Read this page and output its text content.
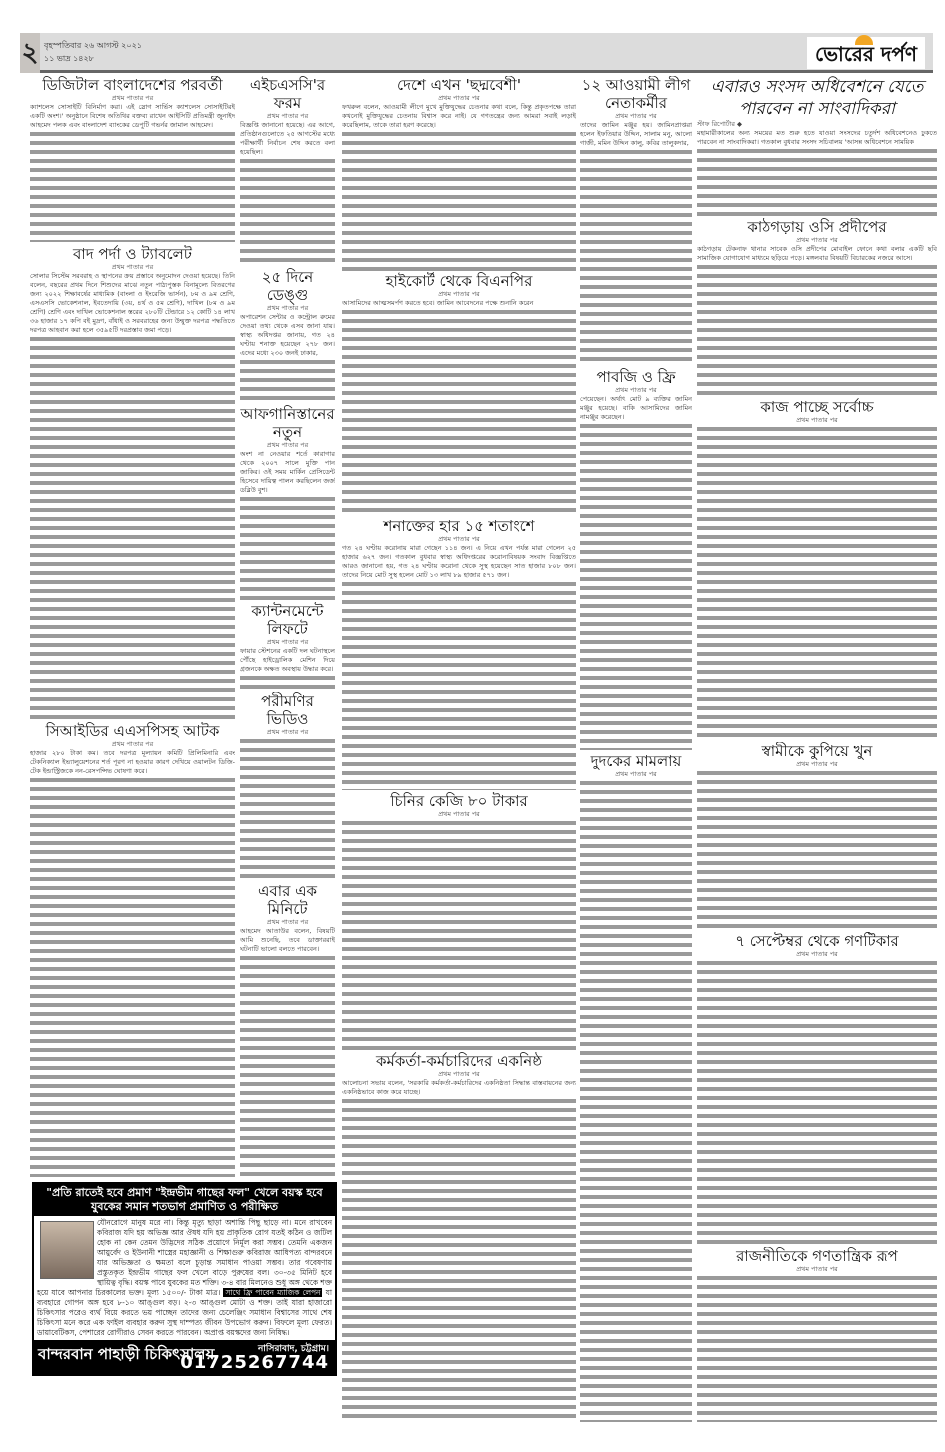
২ বৃহস্পতিবার ২৬ আগস্ট ২০২১
১১ ভাদ্র ১৪২৮	ভোরের দর্পণ
ডিজিটাল বাংলাদেশের পরবর্তী
প্রথম পাতার পর

ক্যাশলেস সোসাইটি বিনির্মাণ করা। এই স্লোগ সার্ভিস ক্যাশলেস সোসাইটিরই একটি অংশ।' অনুষ্ঠানে বিশেষ অতিথির বক্তব্য রাখেন আইসিটি প্রতিমন্ত্রী জুনাইদ আহমেদ পলক এবং বাংলাদেশ ব্যাংকের ডেপুটি গভর্নর জামাল আহমেদ।

এইচএসসি'র ফরম
প্রথম পাতার পর

বিজ্ঞপ্তি জানানো হয়েছে। এর আগে, প্রতিষ্ঠানগুলোতে ২৫ আগস্টের মধ্যে পরীক্ষার্থী নির্বাচন শেষ করতে বলা হয়েছিল।

দেশে এখন 'ছদ্মবেশী'
প্রথম পাতার পর

ফখরুল বলেন, আওয়ামী লীগে মুখে মুক্তিযুদ্ধের চেতনার কথা বলে, কিন্তু প্রকৃতপক্ষে তারা কখনোই মুক্তিযুদ্ধের চেতনায় বিশ্বাস করে নাই। যে গণতন্ত্রের জন্য আমরা সবাই লড়াই করেছিলাম, তাকে তারা হরণ করেছে।

১২ আওয়ামী লীগ নেতাকর্মীর
প্রথম পাতার পর

তাদের জামিন মঞ্জুর হয়। জামিনপ্রাপ্তরা হলেন ইফতিয়ার উদ্দিন, সালাম মনু, আলো গাজী, মমিন উদ্দিন কালু, কবির তালুকদার,

এবারও সংসদ অধিবেশনে যেতে পারবেন না সাংবাদিকরা
স্টাফ রিপোর্টার ◆

মহামারীকালের অন্য সময়ের মত শুরু হতে যাওয়া সংসদের চতুর্দশ অধিবেশনেও ঢুকতে পারবেন না সাংবাদিকরা। গতকাল বুধবার সংসদ সচিবালয় 'আসন্ন অধিবেশনে সাময়িক

বাদ পর্দা ও ট্যাবলেট
প্রথম পাতার পর

সোলার সিস্টেম সরবরাহ ও স্থাপনের ক্রয় প্রস্তাবে অনুমোদন দেওয়া হয়েছে। তিনি বলেন, বছরের প্রথম দিনে শিশুদের মাঝে নতুন পাঠ্যপুস্তক বিনামূল্যে বিতরণের জন্য ২০২২ শিক্ষাবর্ষের মাধ্যমিক (বাংলা ও ইংরেজি ভার্সন), ৮ম ও ৯ম শ্রেণি, এসএসসি ভোকেশনাল, ইবতেদায়ি (৩য়, ৪র্থ ও ৫ম শ্রেণি), দাখিল (৮ম ও ৯ম শ্রেণি) শ্রেণি এবং দাখিল ভোকেশনাল স্তরের ২৮০টি টেন্ডারে ১২ কোটি ১৪ লাখ ৩৬ হাজার ১৭ কপি বই মুদ্রণ, বাঁধাই ও সরবরাহের জন্য উন্মুক্ত দরপত্র পদ্ধতিতে দরপত্র আহবান করা হলে ৩৫৯৫টি দরপ্রস্তাব জমা পড়ে।

২৫ দিনে ডেঙ্গু
প্রথম পাতার পর

অপারেশন সেন্টার ও কন্ট্রোল রুমের দেওয়া তথ্য থেকে এসব জানা যায়। স্বাস্থ্য অধিদপ্তর জানায়, গত ২৪ ঘণ্টায় শনাক্ত হয়েছেন ২৭৮ জন। এদের মধ্যে ২৩০ জনই ঢাকার,

হাইকোর্ট থেকে বিএনপির
প্রথম পাতার পর

আসামিদের আত্মসমর্পণ করতে হবে। জামিন আবেদনের পক্ষে শুনানি করেন

পাবজি ও ফ্রি
প্রথম পাতার পর

পেয়েছেন। অর্থাৎ মোট ৯ ব্যক্তির জামিন মঞ্জুর হয়েছে। বাকি আসামিদের জামিন নামঞ্জুর করেছেন।

কাঠগড়ায় ওসি প্রদীপের
প্রথম পাতার পর

কাঠগড়ায় টেকনাফ থানার সাবেক ওসি প্রদীপের মোবাইল ফোনে কথা বলার একটি ছবি সামাজিক যোগাযোগ মাধ্যমে ছড়িয়ে পড়ে। মঙ্গলবার বিষয়টি বিচারকের নজরে আসে।

আফগানিস্তানের নতুন
প্রথম পাতার পর

অংশ না নেওয়ার শর্তে কারাগার থেকে ২০০৭ সালে মুক্তি পান জাকির। ওই সময় মার্কিন প্রেসিডেন্ট হিসেবে দায়িত্ব পালন করছিলেন জর্জ ডব্লিউ বুশ।

কাজ পাচ্ছে সর্বোচ্চ
প্রথম পাতার পর

শনাক্তের হার ১৫ শতাংশে
প্রথম পাতার পর

গত ২৪ ঘণ্টায় করোনায় মারা গেছেন ১১৪ জন। এ নিয়ে এখন পর্যন্ত মারা গেলেন ২৫ হাজার ৬২৭ জন। গতকাল বুধবার স্বাস্থ্য অধিদপ্তরের করোনাবিষয়ক সংবাদ বিজ্ঞপ্তিতে আরও জানানো হয়, গত ২৪ ঘণ্টায় করোনা থেকে সুস্থ হয়েছেন সাত হাজার ৮০৮ জন। তাদের নিয়ে মোট সুস্থ হলেন মোট ১৩ লাখ ৮৯ হাজার ৫৭১ জন।

ক্যান্টনমেন্টে লিফটে
প্রথম পাতার পর

ফায়ার স্টেশনের একটি দল ঘটনাস্থলে পৌঁছে হাইড্রোলিক মেশিন দিয়ে গ্রজনকে অক্ষত অবস্থায় উদ্ধার করে।

সিআইডির এএসপিসহ আটক
প্রথম পাতার পর

হাজার ২৮০ টাকা কম। তবে দরপত্র মূল্যায়ন কমিটি প্রিলিমিনারি এবং টেকনিক্যাল ইভ্যালুয়েশনের শর্ত পূরণ না হওয়ার কারণ দেখিয়ে ওয়ালটন ডিজি-টেক ইন্ডাস্ট্রিজকে নন-রেসপন্সিভ ঘোষণা করে।

পরীমণির ভিডিও
প্রথম পাতার পর

স্বামীকে কুপিয়ে খুন
প্রথম পাতার পর

দুদকের মামলায়
প্রথম পাতার পর

চিনির কেজি ৮০ টাকার
প্রথম পাতার পর

এবার এক মিনিটে
প্রথম পাতার পর

আহমেদ আতাউর বলেন, বিষয়টি আমি শুনেছি, তবে ডাক্তাররাই ঘটনাটি ভালো বলতে পারবেন।	৭ সেপ্টেম্বর থেকে গণটিকার
প্রথম পাতার পর

কর্মকর্তা-কর্মচারিদের একনিষ্ঠ
প্রথম পাতার পর

আলোচনা সভায় বলেন, 'সরকারি কর্মকর্তা-কর্মচারিদের একনিষ্ঠতা সিদ্ধান্ত বাস্তবায়নের জন্য একনিষ্ঠভাবে কাজ করে যাচ্ছে।

রাজনীতিকে গণতান্ত্রিক রূপ
প্রথম পাতার পর

"প্রতি রাতেই হবে প্রমাণ "ইন্দ্রভীম গাছের ফল" খেলে বয়স্ক হবে যুবকের সমান শতভাগ প্রমাণিত ও পরীক্ষিত
যৌনরোগে মানুষ মরে না। কিন্তু মৃত্যু ছাড়া অশান্তি পিছু ছাড়ে না। মনে রাখবেন কবিরাজ যদি হয় অভিজ্ঞ আর ঔষধ যদি হয় প্রাকৃতিক রোগ যতই কঠিন ও জটিল হোক না কেন তেমন উদ্ভিদের সঠিক প্রয়োগে নির্মূল করা সম্ভব। তেমনি একজন আয়ুর্বেদ ও ইউনানী শাস্ত্রের মহাজ্ঞানী ও শিক্ষাগুরু কবিরাজ আধিপত্য বান্দরবনে যার অভিজ্ঞতা ও ক্ষমতা বলে চূড়ান্ত সমাধান পাওয়া সম্ভব। তার গবেষণায় প্রস্তুতকৃত ইন্দ্রভীম গাছের ফল খেলে বাড়ে পুরুষের বল। ৩০-৩৫ মিনিট হবে স্থায়িত্ব বৃদ্ধি। বয়স্ক পাবে যুবকের মত শক্তি। ৩-৪ বার মিলনেও শুধু অঙ্গ থেকে শক্ত হয়ে যাবে আপনার চিরকালের ভক্ত। মূল্য ১৫০০/- টাকা মাত্র। সাথে ফ্রি পাবেন ম্যাজিক লেপন যা ব্যবহারে গোপন অঙ্গ হবে ৮-১০ আঙ্গুল বড়। ২-৩ আঙ্গুল মোটা ও শক্ত। তাই যারা হাজারো চিকিৎসার পরেও ব্যর্থ বিয়ে করতে ভয় পাচ্ছেন তাদের জন্য চেলেঞ্জিং সমাধান বিশ্বাসের সাথে শেষ চিকিৎসা মনে করে এক ফাইল ব্যবহার করুন সুস্থ দাম্পত্য জীবন উপভোগ করুন। বিফলে মূল্য ফেরত। ডায়াবেটিকস, পেশারের রোগীরাও সেবন করতে পারবেন। অপ্রাপ্ত বয়স্কদের জন্য নিষিদ্ধ।
বান্দরবান পাহাড়ী চিকিৎসালয়	নাসিরাবাদ, চট্টগ্রাম।
01725267744
